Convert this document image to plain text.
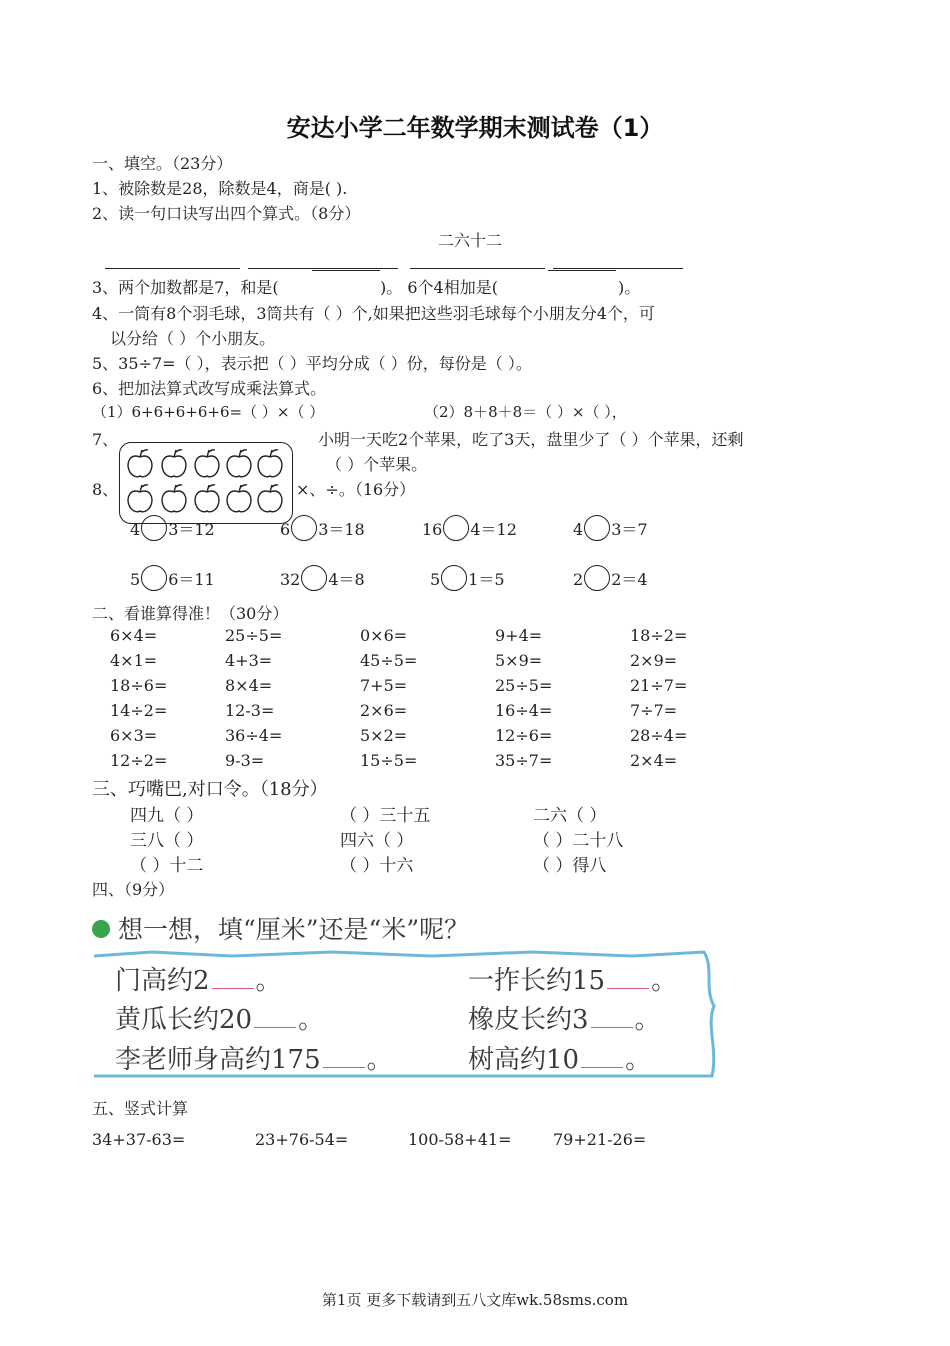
安达小学二年数学期末测试卷（1）
一、填空。（23分）
1、被除数是28，除数是4，商是( ).
2、读一句口诀写出四个算式。（8分）
二六十二
3、两个加数都是7，和是(	)。 6个4相加是(	)。
4、一筒有8个羽毛球，3筒共有（ ）个,如果把这些羽毛球每个小朋友分4个，可
以分给（ ）个小朋友。
5、35÷7=（ ），表示把（ ）平均分成（ ）份，每份是（ ）。
6、把加法算式改写成乘法算式。
（1）6+6+6+6+6=（ ）×（ ）	（2）8＋8＋8＝（ ）×（ ），
7、	小明一天吃2个苹果，吃了3天，盘里少了（ ）个苹果，还剩
（ ）个苹果。
8、	×、÷。（16分）
4 3＝12	6 3＝18	16 4＝12	4 3＝7
5 6＝11	32 4＝8	5 1＝5	2 2＝4
二、看谁算得准！（30分）
6×4=	25÷5=	0×6=	9+4=	18÷2=
4×1=	4+3=	45÷5=	5×9=	2×9=
18÷6=	8×4=	7+5=	25÷5=	21÷7=
14÷2=	12-3=	2×6=	16÷4=	7÷7=
6×3=	36÷4=	5×2=	12÷6=	28÷4=
12÷2=	9-3=	15÷5=	35÷7=	2×4=
三、巧嘴巴,对口令。（18分）
四九（ ）	（ ）三十五	二六（ ）
三八（ ）	四六（ ）	（ ）二十八
（ ）十二	（ ）十六	（ ）得八
四、（9分）
想一想，填“厘米”还是“米”呢？
门高约2 。	一拃长约15 。
黄瓜长约20 。	橡皮长约3 。
李老师身高约175 。	树高约10 。
五、竖式计算
34+37-63=	23+76-54=	100-58+41=	79+21-26=
第1页 更多下载请到五八文库wk.58sms.com
